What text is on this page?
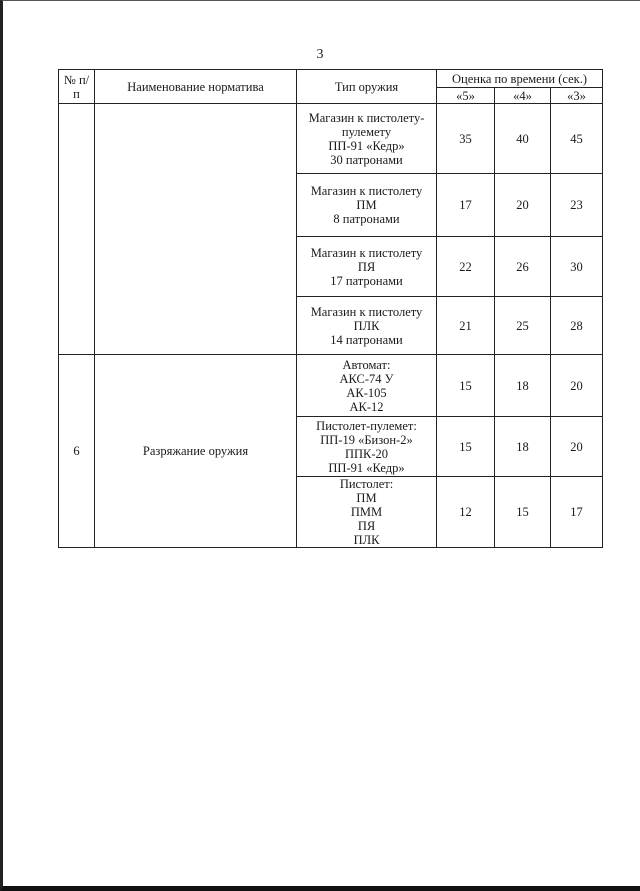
3
№ п/п	Наименование норматива	Тип оружия	Оценка по времени (сек.)		
			«5»	«4»	«3»

		Магазин к пистолету-
пулемету
ПП-91 «Кедр»
30 патронами	35	40	45

		Магазин к пистолету
ПМ
8 патронами	17	20	23

		Магазин к пистолету
ПЯ
17 патронами	22	26	30

		Магазин к пистолету
ПЛК
14 патронами	21	25	28
6	Разряжание оружия	Автомат:
АКС-74 У
АК-105
АК-12	15	18	20

		Пистолет-пулемет:
ПП-19 «Бизон-2»
ППК-20
ПП-91 «Кедр»	15	18	20

		Пистолет:
ПМ
ПММ
ПЯ
ПЛК	12	15	17
